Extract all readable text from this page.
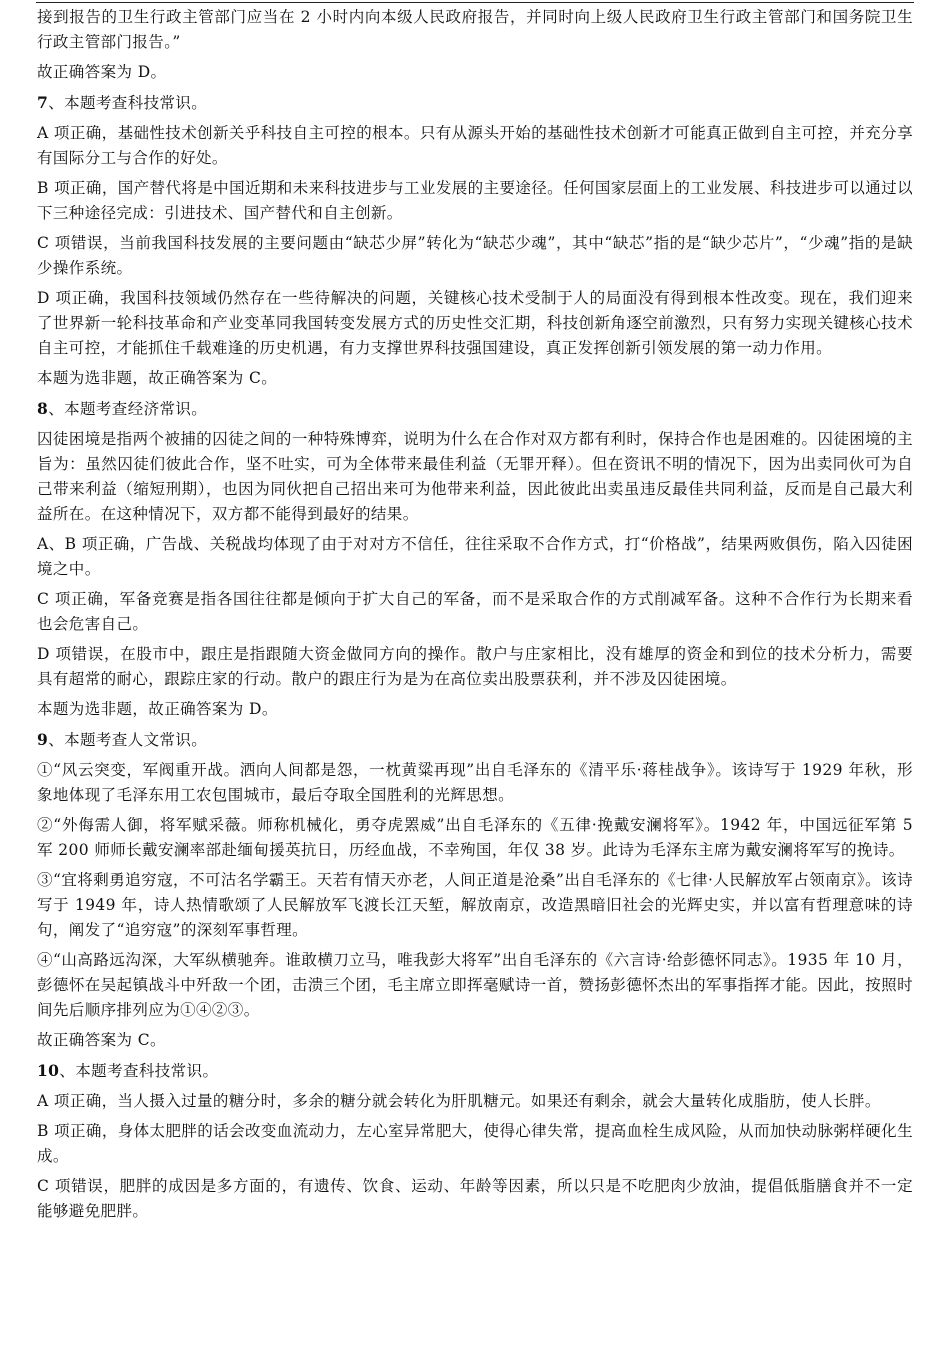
接到报告的卫生行政主管部门应当在 2 小时内向本级人民政府报告，并同时向上级人民政府卫生行政主管部门和国务院卫生行政主管部门报告。”

故正确答案为 D。

7、本题考查科技常识。

A 项正确，基础性技术创新关乎科技自主可控的根本。只有从源头开始的基础性技术创新才可能真正做到自主可控，并充分享有国际分工与合作的好处。

B 项正确，国产替代将是中国近期和未来科技进步与工业发展的主要途径。任何国家层面上的工业发展、科技进步可以通过以下三种途径完成：引进技术、国产替代和自主创新。

C 项错误，当前我国科技发展的主要问题由“缺芯少屏”转化为“缺芯少魂”，其中“缺芯”指的是“缺少芯片”，“少魂”指的是缺少操作系统。

D 项正确，我国科技领域仍然存在一些待解决的问题，关键核心技术受制于人的局面没有得到根本性改变。现在，我们迎来了世界新一轮科技革命和产业变革同我国转变发展方式的历史性交汇期，科技创新角逐空前激烈，只有努力实现关键核心技术自主可控，才能抓住千载难逢的历史机遇，有力支撑世界科技强国建设，真正发挥创新引领发展的第一动力作用。

本题为选非题，故正确答案为 C。

8、本题考查经济常识。

囚徒困境是指两个被捕的囚徒之间的一种特殊博弈，说明为什么在合作对双方都有利时，保持合作也是困难的。囚徒困境的主旨为：虽然囚徒们彼此合作，坚不吐实，可为全体带来最佳利益（无罪开释）。但在资讯不明的情况下，因为出卖同伙可为自己带来利益（缩短刑期），也因为同伙把自己招出来可为他带来利益，因此彼此出卖虽违反最佳共同利益，反而是自己最大利益所在。在这种情况下，双方都不能得到最好的结果。

A、B 项正确，广告战、关税战均体现了由于对对方不信任，往往采取不合作方式，打“价格战”，结果两败俱伤，陷入囚徒困境之中。

C 项正确，军备竞赛是指各国往往都是倾向于扩大自己的军备，而不是采取合作的方式削减军备。这种不合作行为长期来看也会危害自己。

D 项错误，在股市中，跟庄是指跟随大资金做同方向的操作。散户与庄家相比，没有雄厚的资金和到位的技术分析力，需要具有超常的耐心，跟踪庄家的行动。散户的跟庄行为是为在高位卖出股票获利，并不涉及囚徒困境。

本题为选非题，故正确答案为 D。

9、本题考查人文常识。

①“风云突变，军阀重开战。洒向人间都是怨，一枕黄粱再现”出自毛泽东的《清平乐·蒋桂战争》。该诗写于 1929 年秋，形象地体现了毛泽东用工农包围城市，最后夺取全国胜利的光辉思想。

②“外侮需人御，将军赋采薇。师称机械化，勇夺虎罴威”出自毛泽东的《五律·挽戴安澜将军》。1942 年，中国远征军第 5 军 200 师师长戴安澜率部赴缅甸援英抗日，历经血战，不幸殉国，年仅 38 岁。此诗为毛泽东主席为戴安澜将军写的挽诗。

③“宜将剩勇追穷寇，不可沽名学霸王。天若有情天亦老，人间正道是沧桑”出自毛泽东的《七律·人民解放军占领南京》。该诗写于 1949 年，诗人热情歌颂了人民解放军飞渡长江天堑，解放南京，改造黑暗旧社会的光辉史实，并以富有哲理意味的诗句，阐发了“追穷寇”的深刻军事哲理。

④“山高路远沟深，大军纵横驰奔。谁敢横刀立马，唯我彭大将军”出自毛泽东的《六言诗·给彭德怀同志》。1935 年 10 月，彭德怀在吴起镇战斗中歼敌一个团，击溃三个团，毛主席立即挥毫赋诗一首，赞扬彭德怀杰出的军事指挥才能。因此，按照时间先后顺序排列应为①④②③。

故正确答案为 C。

10、本题考查科技常识。

A 项正确，当人摄入过量的糖分时，多余的糖分就会转化为肝肌糖元。如果还有剩余，就会大量转化成脂肪，使人长胖。

B 项正确，身体太肥胖的话会改变血流动力，左心室异常肥大，使得心律失常，提高血栓生成风险，从而加快动脉粥样硬化生成。

C 项错误，肥胖的成因是多方面的，有遗传、饮食、运动、年龄等因素，所以只是不吃肥肉少放油，提倡低脂膳食并不一定能够避免肥胖。
